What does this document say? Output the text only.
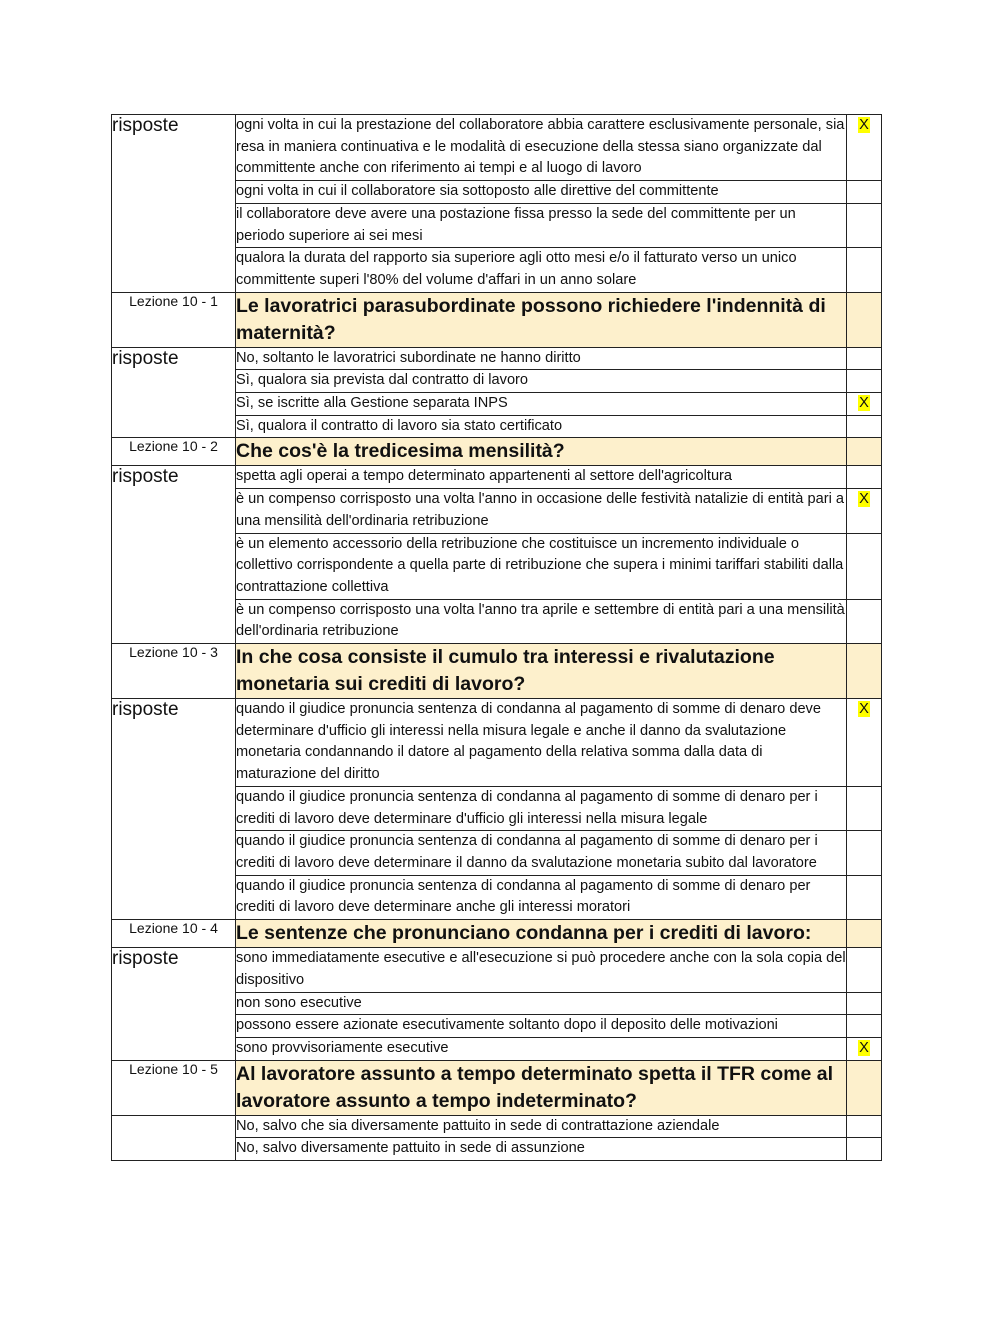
risposte	ogni volta in cui la prestazione del collaboratore abbia carattere esclusivamente personale, sia resa in maniera continuativa e le modalità di esecuzione della stessa siano organizzate dal committente anche con riferimento ai tempi e al luogo di lavoro	X
	ogni volta in cui il collaboratore sia sottoposto alle direttive del committente	
	il collaboratore deve avere una postazione fissa presso la sede del committente per un periodo superiore ai sei mesi	
	qualora la durata del rapporto sia superiore agli otto mesi e/o il fatturato verso un unico committente superi l'80% del volume d'affari in un anno solare	
Lezione 10 - 1	Le lavoratrici parasubordinate possono richiedere l'indennità di maternità?	
risposte	No, soltanto le lavoratrici subordinate ne hanno diritto	
	Sì, qualora sia prevista dal contratto di lavoro	
	Sì, se iscritte alla Gestione separata INPS	X
	Sì, qualora il contratto di lavoro sia stato certificato	
Lezione 10 - 2	Che cos'è la tredicesima mensilità?	
risposte	spetta agli operai a tempo determinato appartenenti al settore dell'agricoltura	
	è un compenso corrisposto una volta l'anno in occasione delle festività natalizie di entità pari a una mensilità dell'ordinaria retribuzione	X
	è un elemento accessorio della retribuzione che costituisce un incremento individuale o collettivo corrispondente a quella parte di retribuzione che supera i minimi tariffari stabiliti dalla contrattazione collettiva	
	è un compenso corrisposto una volta l'anno tra aprile e settembre di entità pari a una mensilità dell'ordinaria retribuzione	
Lezione 10 - 3	In che cosa consiste il cumulo tra interessi e rivalutazione monetaria sui crediti di lavoro?	
risposte	quando il giudice pronuncia sentenza di condanna al pagamento di somme di denaro deve determinare d'ufficio gli interessi nella misura legale e anche il danno da svalutazione monetaria condannando il datore al pagamento della relativa somma dalla data di maturazione del diritto	X
	quando il giudice pronuncia sentenza di condanna al pagamento di somme di denaro per i crediti di lavoro deve determinare d'ufficio gli interessi nella misura legale	
	quando il giudice pronuncia sentenza di condanna al pagamento di somme di denaro per i crediti di lavoro deve determinare il danno da svalutazione monetaria subito dal lavoratore	
	quando il giudice pronuncia sentenza di condanna al pagamento di somme di denaro per crediti di lavoro deve determinare anche gli interessi moratori	
Lezione 10 - 4	Le sentenze che pronunciano condanna per i crediti di lavoro:	
risposte	sono immediatamente esecutive e all'esecuzione si può procedere anche con la sola copia del dispositivo	
	non sono esecutive	
	possono essere azionate esecutivamente soltanto dopo il deposito delle motivazioni	
	sono provvisoriamente esecutive	X
Lezione 10 - 5	Al lavoratore assunto a tempo determinato spetta il TFR come al lavoratore assunto a tempo indeterminato?	
	No, salvo che sia diversamente pattuito in sede di contrattazione aziendale	
	No, salvo diversamente pattuito in sede di assunzione	
